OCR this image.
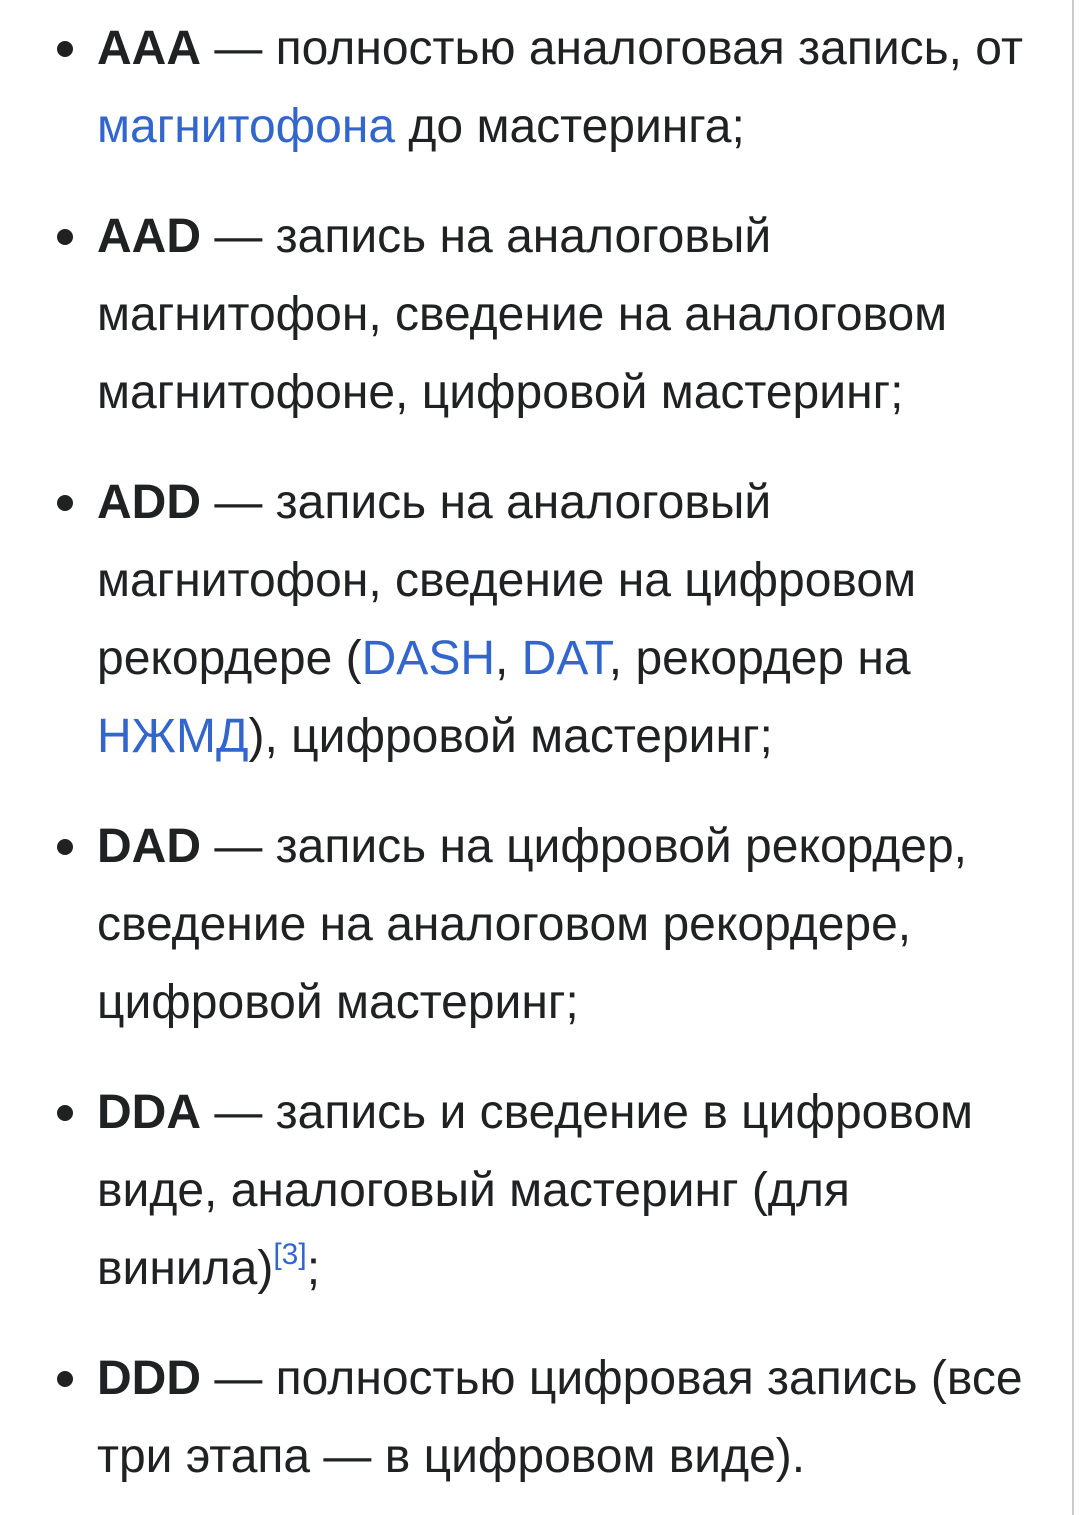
AAA — полностью аналоговая запись, от магнитофона до мастеринга;
AAD — запись на аналоговый магнитофон, сведение на аналоговом магнитофоне, цифровой мастеринг;
ADD — запись на аналоговый магнитофон, сведение на цифровом рекордере (DASH, DAT, рекордер на НЖМД), цифровой мастеринг;
DAD — запись на цифровой рекордер, сведение на аналоговом рекордере, цифровой мастеринг;
DDA — запись и сведение в цифровом виде, аналоговый мастеринг (для винила)[3];
DDD — полностью цифровая запись (все три этапа — в цифровом виде).
